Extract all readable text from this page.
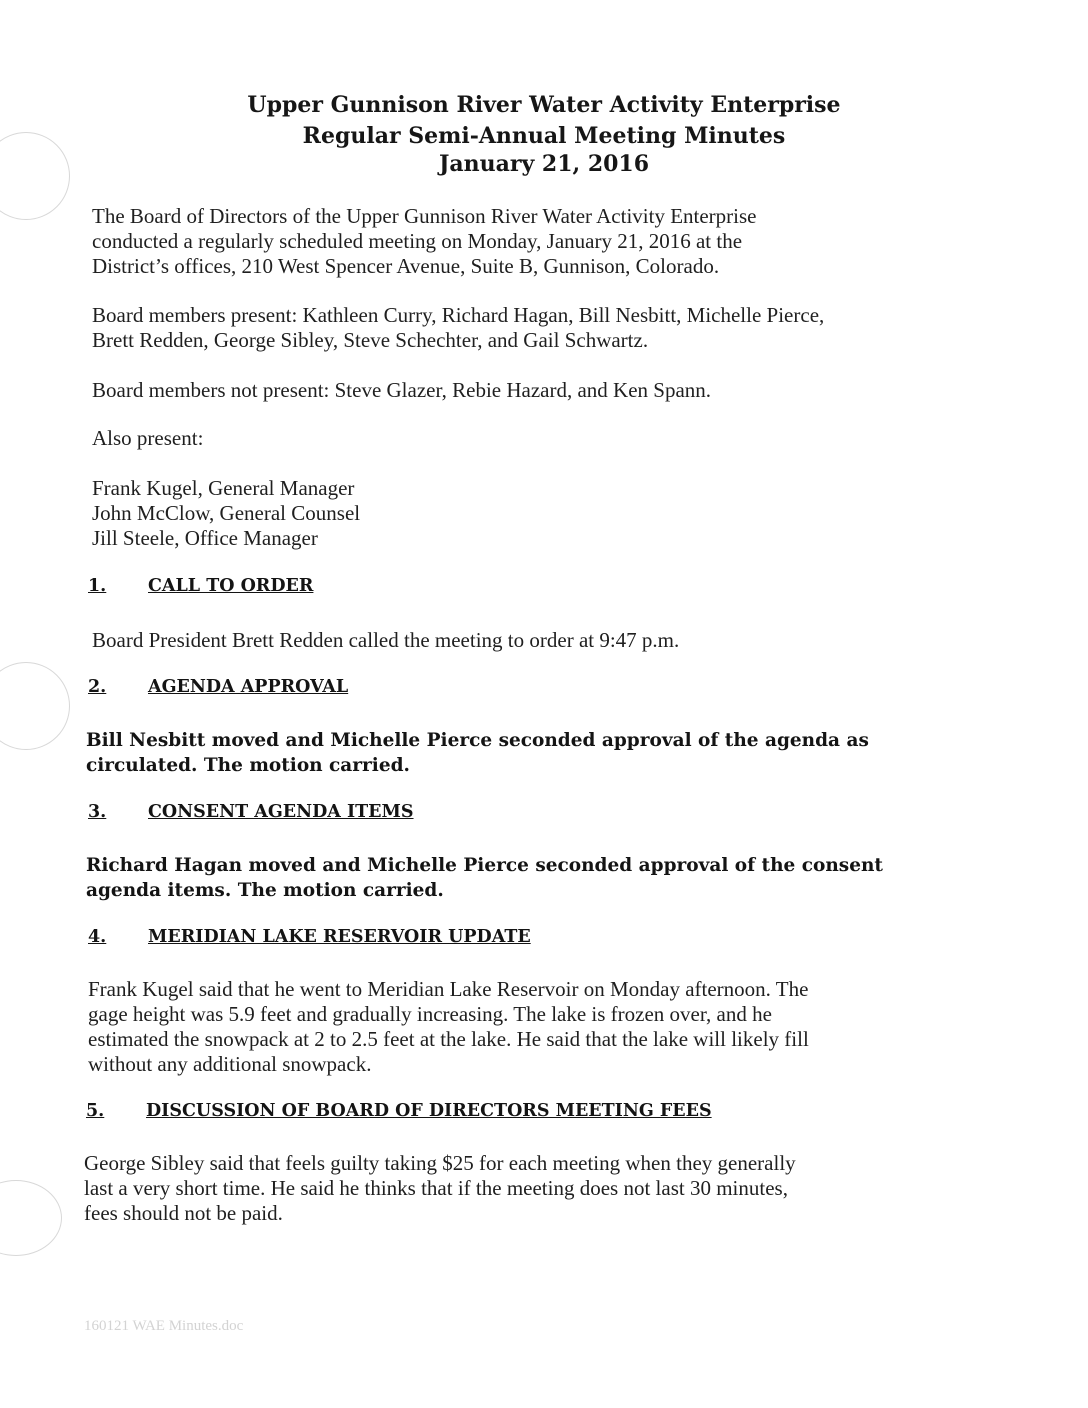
Upper Gunnison River Water Activity Enterprise
Regular Semi-Annual Meeting Minutes
January 21, 2016
The Board of Directors of the Upper Gunnison River Water Activity Enterprise
conducted a regularly scheduled meeting on Monday, January 21, 2016 at the
District’s offices, 210 West Spencer Avenue, Suite B, Gunnison, Colorado.
Board members present: Kathleen Curry, Richard Hagan, Bill Nesbitt, Michelle Pierce,
Brett Redden, George Sibley, Steve Schechter, and Gail Schwartz.
Board members not present: Steve Glazer, Rebie Hazard, and Ken Spann.
Also present:
Frank Kugel, General Manager
John McClow, General Counsel
Jill Steele, Office Manager
1. CALL TO ORDER
Board President Brett Redden called the meeting to order at 9:47 p.m.
2. AGENDA APPROVAL
Bill Nesbitt moved and Michelle Pierce seconded approval of the agenda as
circulated. The motion carried.
3. CONSENT AGENDA ITEMS
Richard Hagan moved and Michelle Pierce seconded approval of the consent
agenda items. The motion carried.
4. MERIDIAN LAKE RESERVOIR UPDATE
Frank Kugel said that he went to Meridian Lake Reservoir on Monday afternoon. The
gage height was 5.9 feet and gradually increasing. The lake is frozen over, and he
estimated the snowpack at 2 to 2.5 feet at the lake. He said that the lake will likely fill
without any additional snowpack.
5. DISCUSSION OF BOARD OF DIRECTORS MEETING FEES
George Sibley said that feels guilty taking $25 for each meeting when they generally
last a very short time. He said he thinks that if the meeting does not last 30 minutes,
fees should not be paid.
160121 WAE Minutes.doc
